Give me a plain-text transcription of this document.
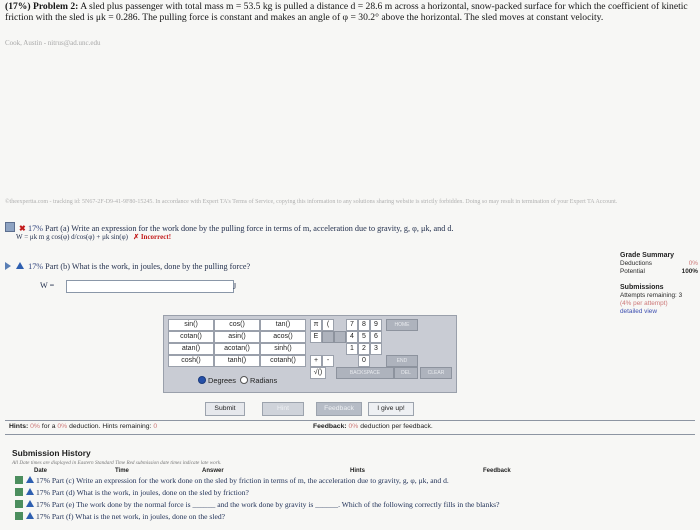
(17%) Problem 2: A sled plus passenger with total mass m = 53.5 kg is pulled a distance d = 28.6 m across a horizontal, snow-packed surface for which the coefficient of kinetic friction with the sled is μk = 0.286. The pulling force is constant and makes an angle of φ = 30.2° above the horizontal. The sled moves at constant velocity.
Cook, Austin - nitrus@ad.unc.edu
©theexpertta.com - tracking id: 5N67-2F-D9-41-9F80-15245. In accordance with Expert TA's Terms of Service, copying this information to any solutions sharing website is strictly forbidden. Doing so may result in termination of your Expert TA Account.
✖ 17% Part (a) Write an expression for the work done by the pulling force in terms of m, acceleration due to gravity, g, φ, μk, and d.
W = μk m g cos(φ) d/cos(φ) + μk sin(φ) ✗ Incorrect!
17% Part (b) What is the work, in joules, done by the pulling force?
W =	J
Grade Summary
Deductions	0%
Potential	100%
Submissions
Attempts remaining: 3
(4% per attempt)
detailed view
sin()	cos()	tan()
cotan()	asin()	acos()
atan()	acotan()	sinh()
cosh()	tanh()	cotanh()
Degrees Radians
π	(
E
+	-
√()
7	8	9
4	5	6
1	2	3
0
HOME
END
BACKSPACE	DEL	CLEAR
Submit	Hint	Feedback	I give up!
Hints: 0% for a 0% deduction. Hints remaining: 0	Feedback: 0% deduction per feedback.
Submission History
All Date times are displayed in Eastern Standard Time Red submission date times indicate late work.
Date	Time	Answer	Hints	Feedback
17% Part (c) Write an expression for the work done on the sled by friction in terms of m, the acceleration due to gravity, g, φ, μk, and d.
17% Part (d) What is the work, in joules, done on the sled by friction?
17% Part (e) The work done by the normal force is ______ and the work done by gravity is ______. Which of the following correctly fills in the blanks?
17% Part (f) What is the net work, in joules, done on the sled?
